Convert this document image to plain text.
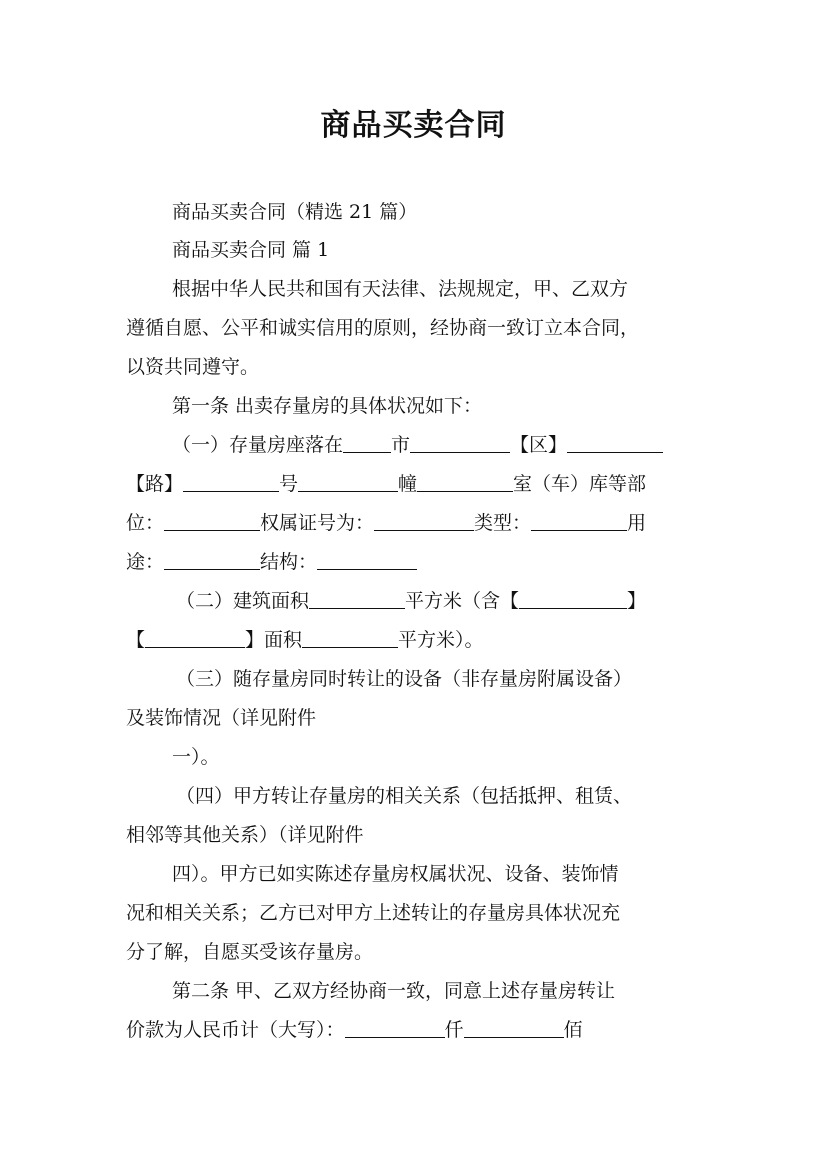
商品买卖合同
商品买卖合同（精选 21 篇）
商品买卖合同 篇 1
根据中华人民共和国有天法律、法规规定，甲、乙双方
遵循自愿、公平和诚实信用的原则，经协商一致订立本合同，
以资共同遵守。
第一条 出卖存量房的具体状况如下：
（一）存量房座落在	市	【区】
【路】	号	幢	室（车）库等部
位：	权属证号为：	类型：	用
途：	结构：
（二）建筑面积	平方米（含【	】
【	】面积	平方米）。
（三）随存量房同时转让的设备（非存量房附属设备）
及装饰情况（详见附件
一）。
（四）甲方转让存量房的相关关系（包括抵押、租赁、
相邻等其他关系）（详见附件
四）。甲方已如实陈述存量房权属状况、设备、装饰情
况和相关关系；乙方已对甲方上述转让的存量房具体状况充
分了解，自愿买受该存量房。
第二条 甲、乙双方经协商一致，同意上述存量房转让
价款为人民币计（大写）：	仟	佰
